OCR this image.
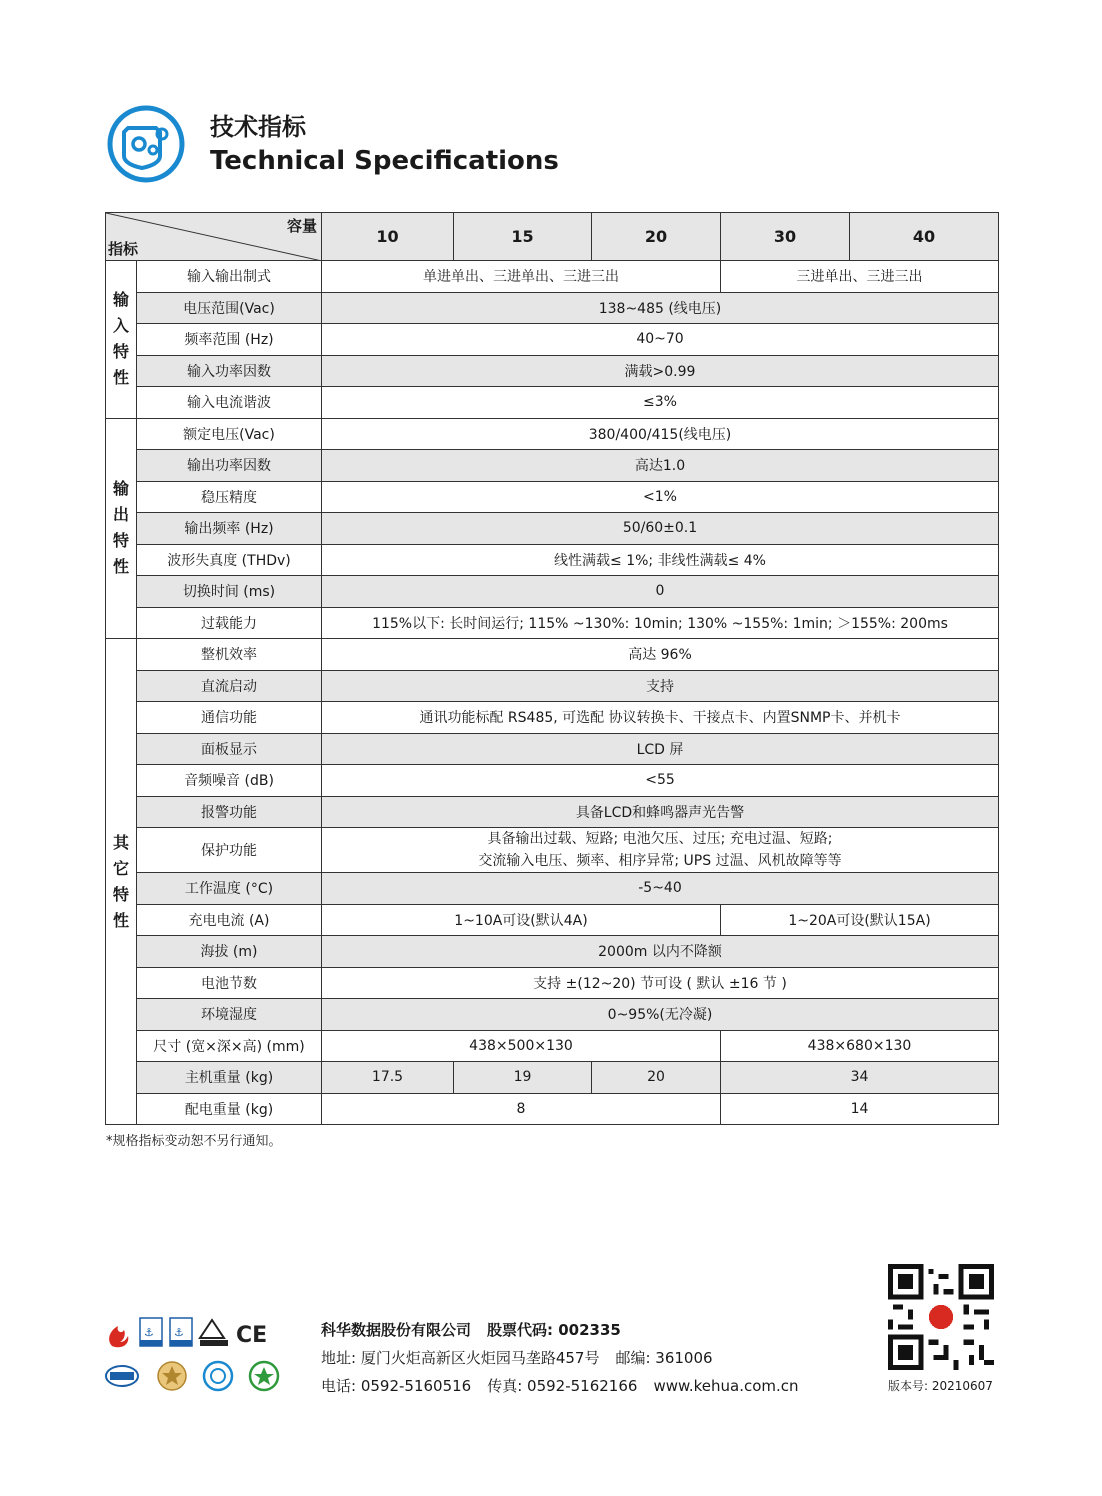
技术指标
Technical Specifications
容量
指标		10	15	20	30	40

输
入
特
性	输入输出制式	单进单出、三进单出、三进三出			三进单出、三进三出	
	电压范围(Vac)	138~485 (线电压)				
	频率范围 (Hz)	40~70				
	输入功率因数	满载>0.99				
	输入电流谐波	≤3%				

输
出
特
性	额定电压(Vac)	380/400/415(线电压)				
	输出功率因数	高达1.0				
	稳压精度	<1%				
	输出频率 (Hz)	50/60±0.1				
	波形失真度 (THDv)	线性满载≤ 1%; 非线性满载≤ 4%				
	切换时间 (ms)	0				
	过载能力	115%以下: 长时间运行; 115% ~130%: 10min; 130% ~155%: 1min; ＞155%: 200ms				

其
它
特
性	整机效率	高达 96%				
	直流启动	支持				
	通信功能	通讯功能标配 RS485, 可选配 协议转换卡、干接点卡、内置SNMP卡、并机卡				
	面板显示	LCD 屏				
	音频噪音 (dB)	<55				
	报警功能	具备LCD和蜂鸣器声光告警				
	保护功能	具备输出过载、短路; 电池欠压、过压; 充电过温、短路;
交流输入电压、频率、相序异常; UPS 过温、风机故障等等				

	工作温度 (°C)	-5~40				
	充电电流 (A)	1~10A可设(默认4A)			1~20A可设(默认15A)	
	海拔 (m)	2000m 以内不降额				
	电池节数	支持 ±(12~20) 节可设 ( 默认 ±16 节 )				
	环境湿度	0~95%(无冷凝)				
	尺寸 (宽×深×高) (mm)	438×500×130			438×680×130	
	主机重量 (kg)	17.5	19	20	34	
	配电重量 (kg)	8			14	
*规格指标变动恕不另行通知。
⚓ ⚓ CE	科华数据股份有限公司 股票代码: 002335
地址: 厦门火炬高新区火炬园马垄路457号 邮编: 361006
电话: 0592-5160516 传真: 0592-5162166 www.kehua.com.cn	版本号: 20210607
